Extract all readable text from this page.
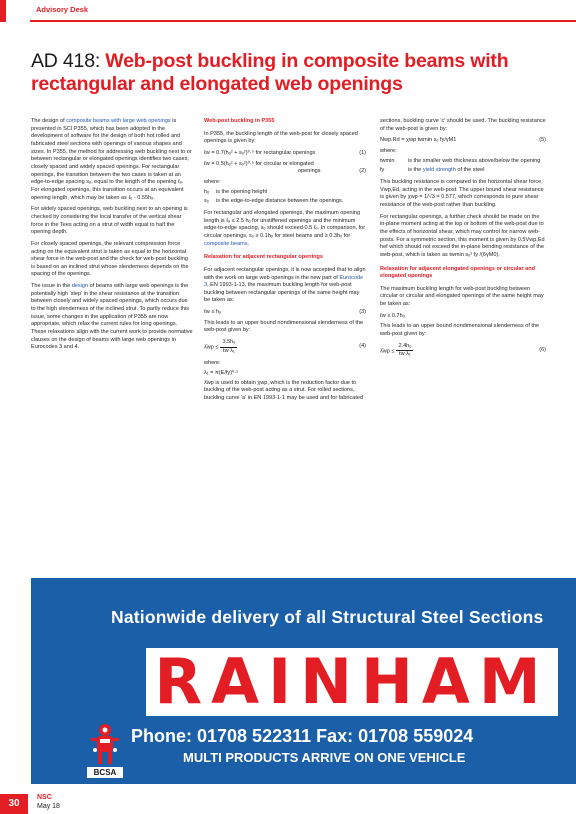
Advisory Desk
AD 418: Web-post buckling in composite beams with rectangular and elongated web openings

The design of composite beams with large web openings is presented in SCI P355, which has been adopted in the development of software for the design of both hot rolled and fabricated steel sections with openings of various shapes and sizes. In P355, the method for addressing web buckling next to or between rectangular or elongated openings identifies two cases; closely spaced and widely spaced openings. For rectangular openings, the transition between the two cases is taken at an edge-to-edge spacing sₒ, equal to the length of the opening ℓₒ. For elongated openings, this transition occurs at an equivalent opening length, which may be taken as ℓₒ - 0.55hₒ.

For widely spaced openings, web buckling next to an opening is checked by considering the local transfer of the vertical shear force in the Tees acting on a strut of width equal to half the opening depth.

For closely spaced openings, the relevant compression force acting on the equivalent strut is taken as equal to the horizontal shear force in the web-post and the check for web-post buckling is based on an inclined strut whose slenderness depends on the spacing of the openings.

The issue in the design of beams with large web openings is the potentially high 'step' in the shear resistance at the transition between closely and widely spaced openings, which occurs due to the high slenderness of the inclined strut. To partly reduce this issue, some changes in the application of P355 are now appropriate, which relax the current rules for long openings. These relaxations align with the current work to provide normative clauses on the design of beams with large web openings in Eurocodes 3 and 4.

Web-post buckling in P355

In P355, the buckling length of the web-post for closely spaced openings is given by:

ℓw = 0.7(hₒ² + sₒ²)⁰·⁵ for rectangular openings	(1)
ℓw = 0.5(hₒ² + sₒ²)⁰·⁵ for circular or elongated
openings	(2)

where:

hₒ	is the opening height
sₒ	is the edge-to-edge distance between the openings.

For rectangular and elongated openings, the maximum opening length is ℓₒ ≤ 2.5 hₒ for unstiffened openings and the minimum edge-to-edge spacing, sₒ should exceed 0.5 ℓₒ. In comparison, for circular openings, sₒ ≥ 0.1hₒ for steel beams and ≥ 0.3hₒ for composite beams.

Relaxation for adjacent rectangular openings

For adjacent rectangular openings, it is now accepted that to align with the work on large web openings in the new part of Eurocode 3, EN 1993-1-13, the maximum buckling length for web-post buckling between rectangular openings of the same height may be taken as:

ℓw ≤ hₒ	(3)

This leads to an upper bound nondimensional slenderness of the web-post given by:

λ̄wp ≤ $\frac{\text{3.5hₒ}}{\text{tw λ₁}}$	(4)

where:

λ₁ = π(E/fy)⁰·⁵

λ̄wp is used to obtain χwp, which is the reduction factor due to buckling of the web-post acting as a strut. For rolled sections, buckling curve 'a' in EN 1993-1-1 may be used and for fabricated

sections, buckling curve 'c' should be used. The buckling resistance of the web-post is given by:

Nwp,Rd = χwp twmin sₒ fy/γM1	(5)

where:

twmin	is the smaller web thickness above/below the opening
fy	is the yield strength of the steel

This buckling resistance is compared to the horizontal shear force, Vwp,Ed, acting in the web-post. The upper bound shear resistance is given by χwp = 1/√3 = 0.577, which corresponds to pure shear resistance of the web-post rather than buckling.

For rectangular openings, a further check should be made on the in-plane moment acting at the top or bottom of the web-post due to the effects of horizontal shear, which may control for narrow web-posts. For a symmetric section, this moment is given by 0.5Vwp,Ed hef which should not exceed the in-plane bending resistance of the web-post, which is taken as twmin sₒ² fy /(6γM0).

Relaxation for adjacent elongated openings or circular and elongated openings

The maximum buckling length for web-post buckling between circular or circular and elongated openings of the same height may be taken as:

ℓw ≤ 0.7hₒ

This leads to an upper bound nondimensional slenderness of the web-post given by:

λ̄wp ≤ $\frac{\text{2.4hₒ}}{\text{tw λ₁}}$	(6)
Nationwide delivery of all Structural Steel Sections
RAINHAM
BCSA
Phone: 01708 522311 Fax: 01708 559024
MULTI PRODUCTS ARRIVE ON ONE VEHICLE
30
NSC
May 18
